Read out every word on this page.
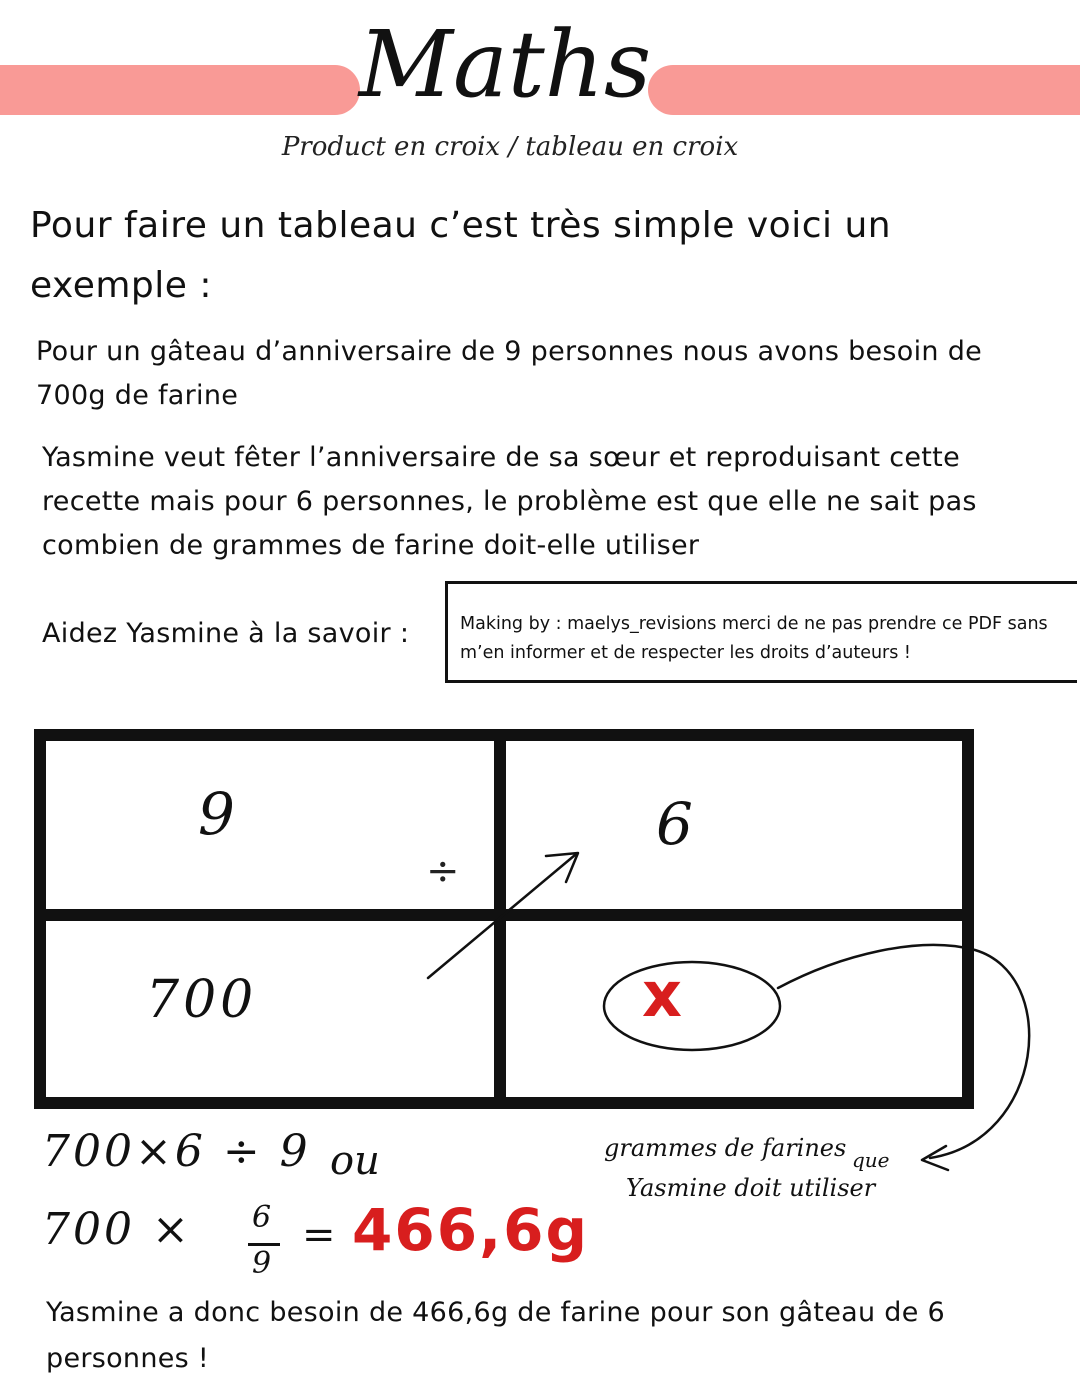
Maths
Product en croix / tableau en croix
Pour faire un tableau c’est très simple voici un exemple :
Pour un gâteau d’anniversaire de 9 personnes nous avons besoin de 700g de farine
Yasmine veut fêter l’anniversaire de sa sœur et reproduisant cette recette mais pour 6 personnes, le problème est que elle ne sait pas combien de grammes de farine doit-elle utiliser
Aidez Yasmine à la savoir :	Making by : maelys_revisions merci de ne pas prendre ce PDF sans m’en informer et de respecter les droits d’auteurs !
9	6
700
÷
x
700×6 ÷ 9 ou
700 × 6
9
= 466,6g
grammes de farines que
Yasmine doit utiliser
Yasmine a donc besoin de 466,6g de farine pour son gâteau de 6 personnes !
